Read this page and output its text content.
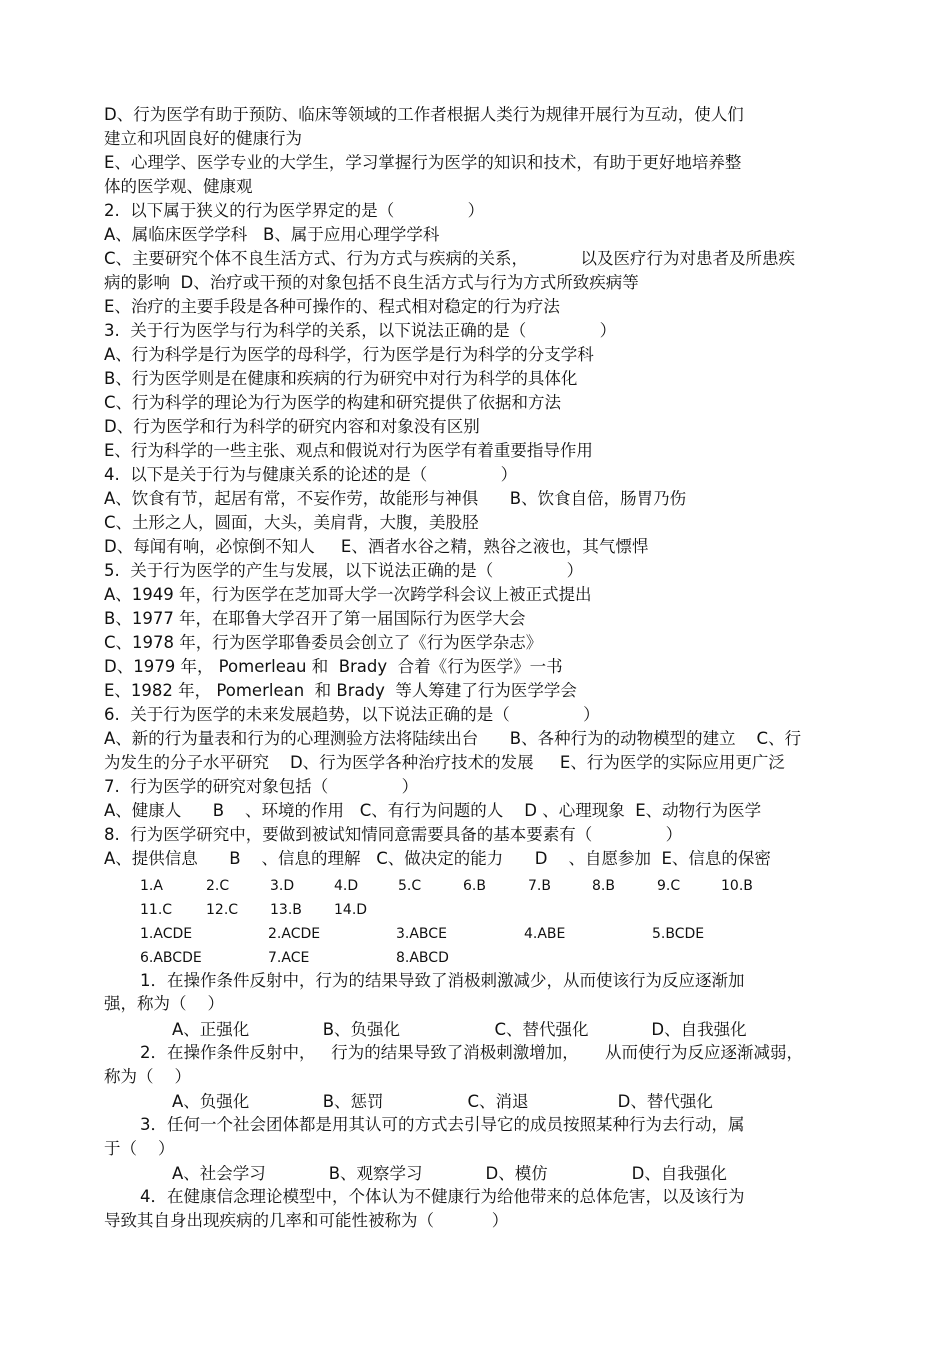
D、行为医学有助于预防、临床等领域的工作者根据人类行为规律开展行为互动，使人们
建立和巩固良好的健康行为
E、心理学、医学专业的大学生，学习掌握行为医学的知识和技术，有助于更好地培养整
体的医学观、健康观
2.  以下属于狭义的行为医学界定的是（              ）
A、属临床医学学科   B、属于应用心理学学科
C、主要研究个体不良生活方式、行为方式与疾病的关系，          以及医疗行为对患者及所患疾
病的影响  D、治疗或干预的对象包括不良生活方式与行为方式所致疾病等
E、治疗的主要手段是各种可操作的、程式相对稳定的行为疗法
3.  关于行为医学与行为科学的关系，以下说法正确的是（              ）
A、行为科学是行为医学的母科学，行为医学是行为科学的分支学科
B、行为医学则是在健康和疾病的行为研究中对行为科学的具体化
C、行为科学的理论为行为医学的构建和研究提供了依据和方法
D、行为医学和行为科学的研究内容和对象没有区别
E、行为科学的一些主张、观点和假说对行为医学有着重要指导作用
4.  以下是关于行为与健康关系的论述的是（              ）
A、饮食有节，起居有常，不妄作劳，故能形与神俱      B、饮食自倍，肠胃乃伤
C、土形之人，圆面，大头，美肩背，大腹，美股胫
D、每闻有响，必惊倒不知人     E、酒者水谷之精，熟谷之液也，其气慓悍
5.  关于行为医学的产生与发展，以下说法正确的是（              ）
A、1949 年，行为医学在芝加哥大学一次跨学科会议上被正式提出
B、1977 年，在耶鲁大学召开了第一届国际行为医学大会
C、1978 年，行为医学耶鲁委员会创立了《行为医学杂志》
D、1979 年， Pomerleau 和  Brady  合着《行为医学》一书
E、1982 年， Pomerlean  和 Brady  等人筹建了行为医学学会
6.  关于行为医学的未来发展趋势，以下说法正确的是（              ）
A、新的行为量表和行为的心理测验方法将陆续出台      B、各种行为的动物模型的建立    C、行
为发生的分子水平研究    D、行为医学各种治疗技术的发展     E、行为医学的实际应用更广泛
7.  行为医学的研究对象包括（              ）
A、健康人      B    、环境的作用   C、有行为问题的人    D 、心理现象  E、动物行为医学
8.  行为医学研究中，要做到被试知情同意需要具备的基本要素有（              ）
A、提供信息      B    、信息的理解   C、做决定的能力      D    、自愿参加  E、信息的保密
1.A	2.C	3.D	4.D	5.C	6.B	7.B	8.B	9.C	10.B
11.C 12.C 13.B 14.D
1.ACDE	2.ACDE	3.ABCE	4.ABE	5.BCDE
6.ABCDE	7.ACE	8.ABCD
1．在操作条件反射中，行为的结果导致了消极刺激减少，从而使该行为反应逐渐加
强，称为（    ）
A、正强化              B、负强化                  C、替代强化            D、自我强化
2．在操作条件反射中，   行为的结果导致了消极刺激增加，     从而使行为反应逐渐减弱，
称为（    ）
A、负强化              B、惩罚                C、消退                 D、替代强化
3．任何一个社会团体都是用其认可的方式去引导它的成员按照某种行为去行动，属
于（    ）
A、社会学习            B、观察学习            D、模仿                D、自我强化
4．在健康信念理论模型中，个体认为不健康行为给他带来的总体危害，以及该行为
导致其自身出现疾病的几率和可能性被称为（           ）
